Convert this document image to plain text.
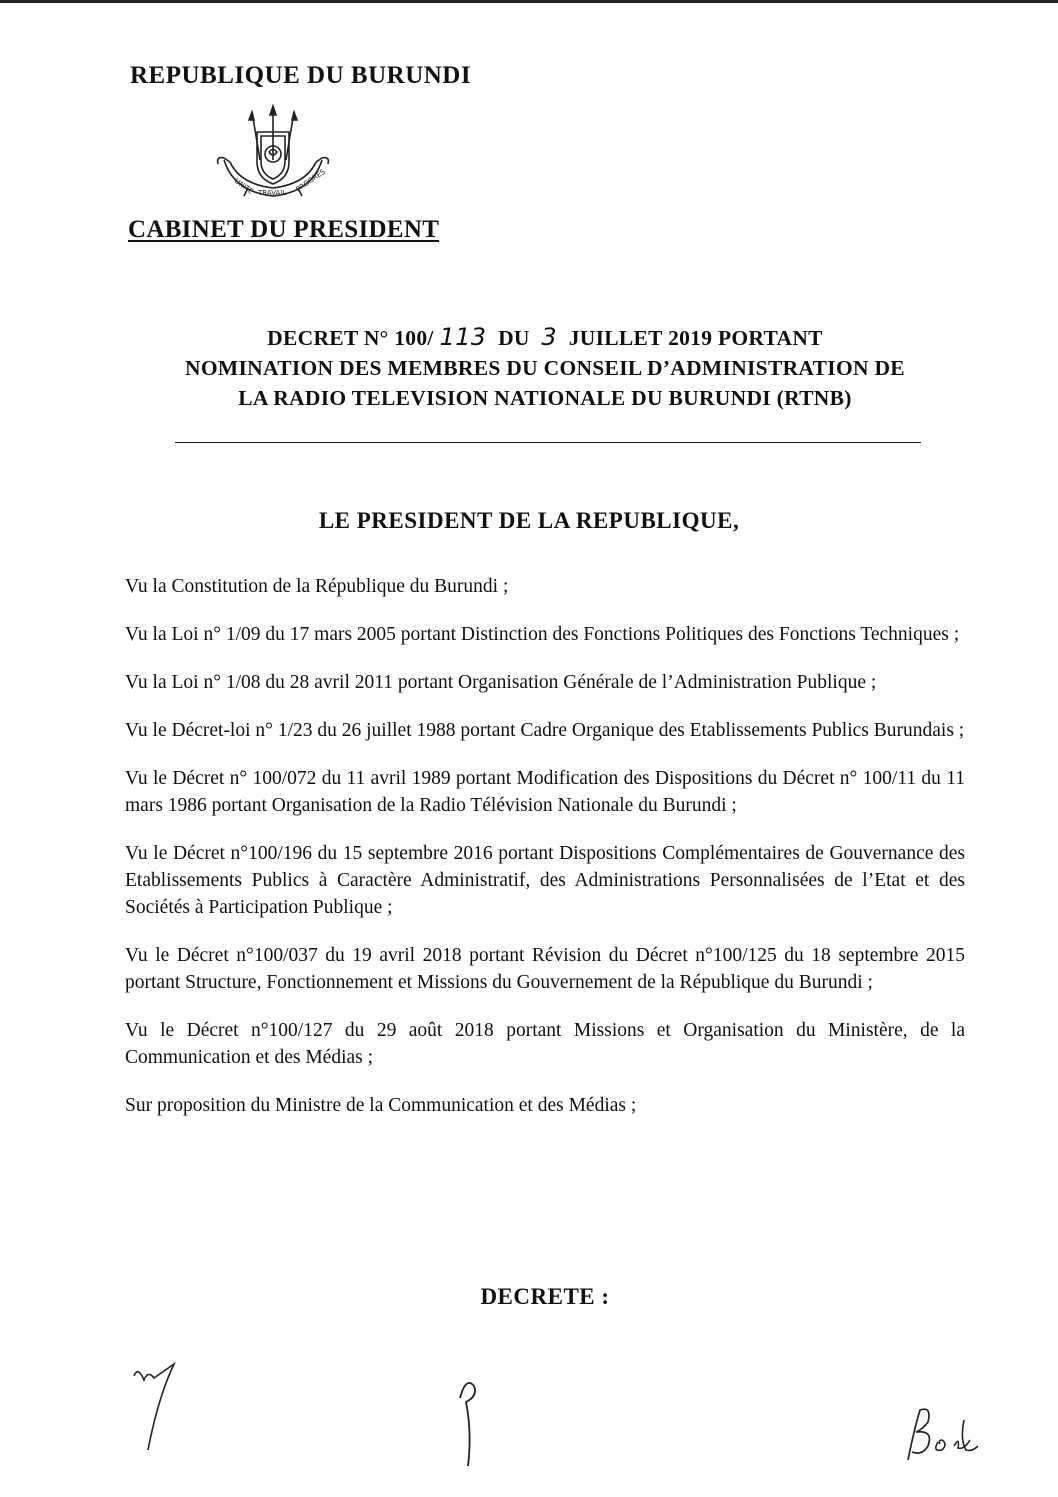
REPUBLIQUE DU BURUNDI
UNITE TRAVAIL PROGRES
CABINET DU PRESIDENT
DECRET N° 100/ 113 DU 3 JUILLET 2019 PORTANT
NOMINATION DES MEMBRES DU CONSEIL D’ADMINISTRATION DE
LA RADIO TELEVISION NATIONALE DU BURUNDI (RTNB)
LE PRESIDENT DE LA REPUBLIQUE,

Vu la Constitution de la République du Burundi ;

Vu la Loi n° 1/09 du 17 mars 2005 portant Distinction des Fonctions Politiques des Fonctions Techniques ;

Vu la Loi n° 1/08 du 28 avril 2011 portant Organisation Générale de l’Administration Publique ;

Vu le Décret-loi n° 1/23 du 26 juillet 1988 portant Cadre Organique des Etablissements Publics Burundais ;

Vu le Décret n° 100/072 du 11 avril 1989 portant Modification des Dispositions du Décret n° 100/11 du 11 mars 1986 portant Organisation de la Radio Télévision Nationale du Burundi ;

Vu le Décret n°100/196 du 15 septembre 2016 portant Dispositions Complémentaires de Gouvernance des Etablissements Publics à Caractère Administratif, des Administrations Personnalisées de l’Etat et des Sociétés à Participation Publique ;

Vu le Décret n°100/037 du 19 avril 2018 portant Révision du Décret n°100/125 du 18 septembre 2015 portant Structure, Fonctionnement et Missions du Gouvernement de la République du Burundi ;

Vu le Décret n°100/127 du 29 août 2018 portant Missions et Organisation du Ministère, de la Communication et des Médias ;

Sur proposition du Ministre de la Communication et des Médias ;

DECRETE :
